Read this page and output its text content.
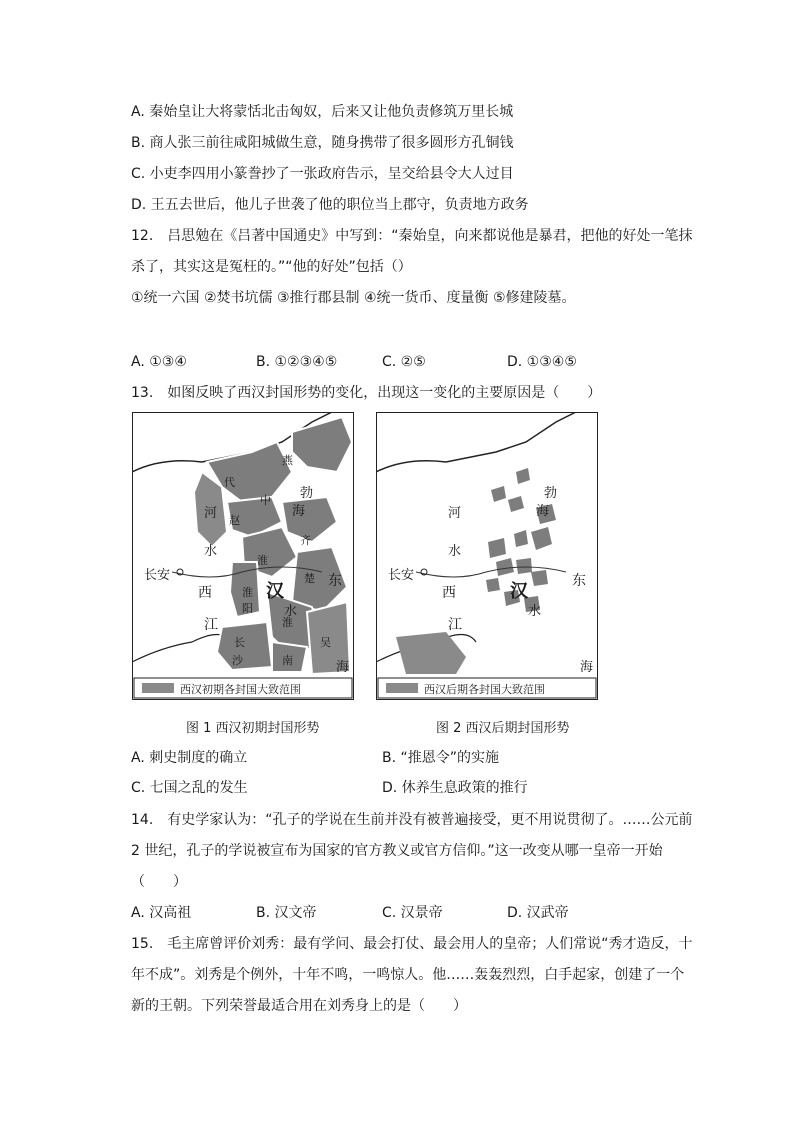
A. 秦始皇让大将蒙恬北击匈奴，后来又让他负责修筑万里长城
B. 商人张三前往咸阳城做生意，随身携带了很多圆形方孔铜钱
C. 小吏李四用小篆誊抄了一张政府告示，呈交给县令大人过目
D. 王五去世后，他儿子世袭了他的职位当上郡守，负责地方政务
12.　吕思勉在《吕著中国通史》中写到：“秦始皇，向来都说他是暴君，把他的好处一笔抹
杀了，其实这是冤枉的。”“他的好处”包括（）
①统一六国 ②焚书坑儒 ③推行郡县制 ④统一货币、度量衡 ⑤修建陵墓。
A. ①③④	B. ①②③④⑤	C. ②⑤	D. ①③④⑤
13.　如图反映了西汉封国形势的变化，出现这一变化的主要原因是（　　）
代
赵
中
齐
河
水
淮
楚
淮
阳
汉
水
淮
长
沙	南
吴
勃
海
东
江
海
西
长安
燕
西汉初期各封国大致范围
河
水
勃
海
汉
水
东
江
海
西
长安
西汉后期各封国大致范围
图 1 西汉初期封国形势	图 2 西汉后期封国形势
A. 刺史制度的确立	B. “推恩令”的实施
C. 七国之乱的发生	D. 休养生息政策的推行
14.　有史学家认为：“孔子的学说在生前并没有被普遍接受，更不用说贯彻了。……公元前
2 世纪，孔子的学说被宣布为国家的官方教义或官方信仰。”这一改变从哪一皇帝一开始
（　　）
A. 汉高祖	B. 汉文帝	C. 汉景帝	D. 汉武帝
15.　毛主席曾评价刘秀：最有学问、最会打仗、最会用人的皇帝；人们常说“秀才造反，十
年不成”。刘秀是个例外，十年不鸣，一鸣惊人。他……轰轰烈烈，白手起家，创建了一个
新的王朝。下列荣誉最适合用在刘秀身上的是（　　）
